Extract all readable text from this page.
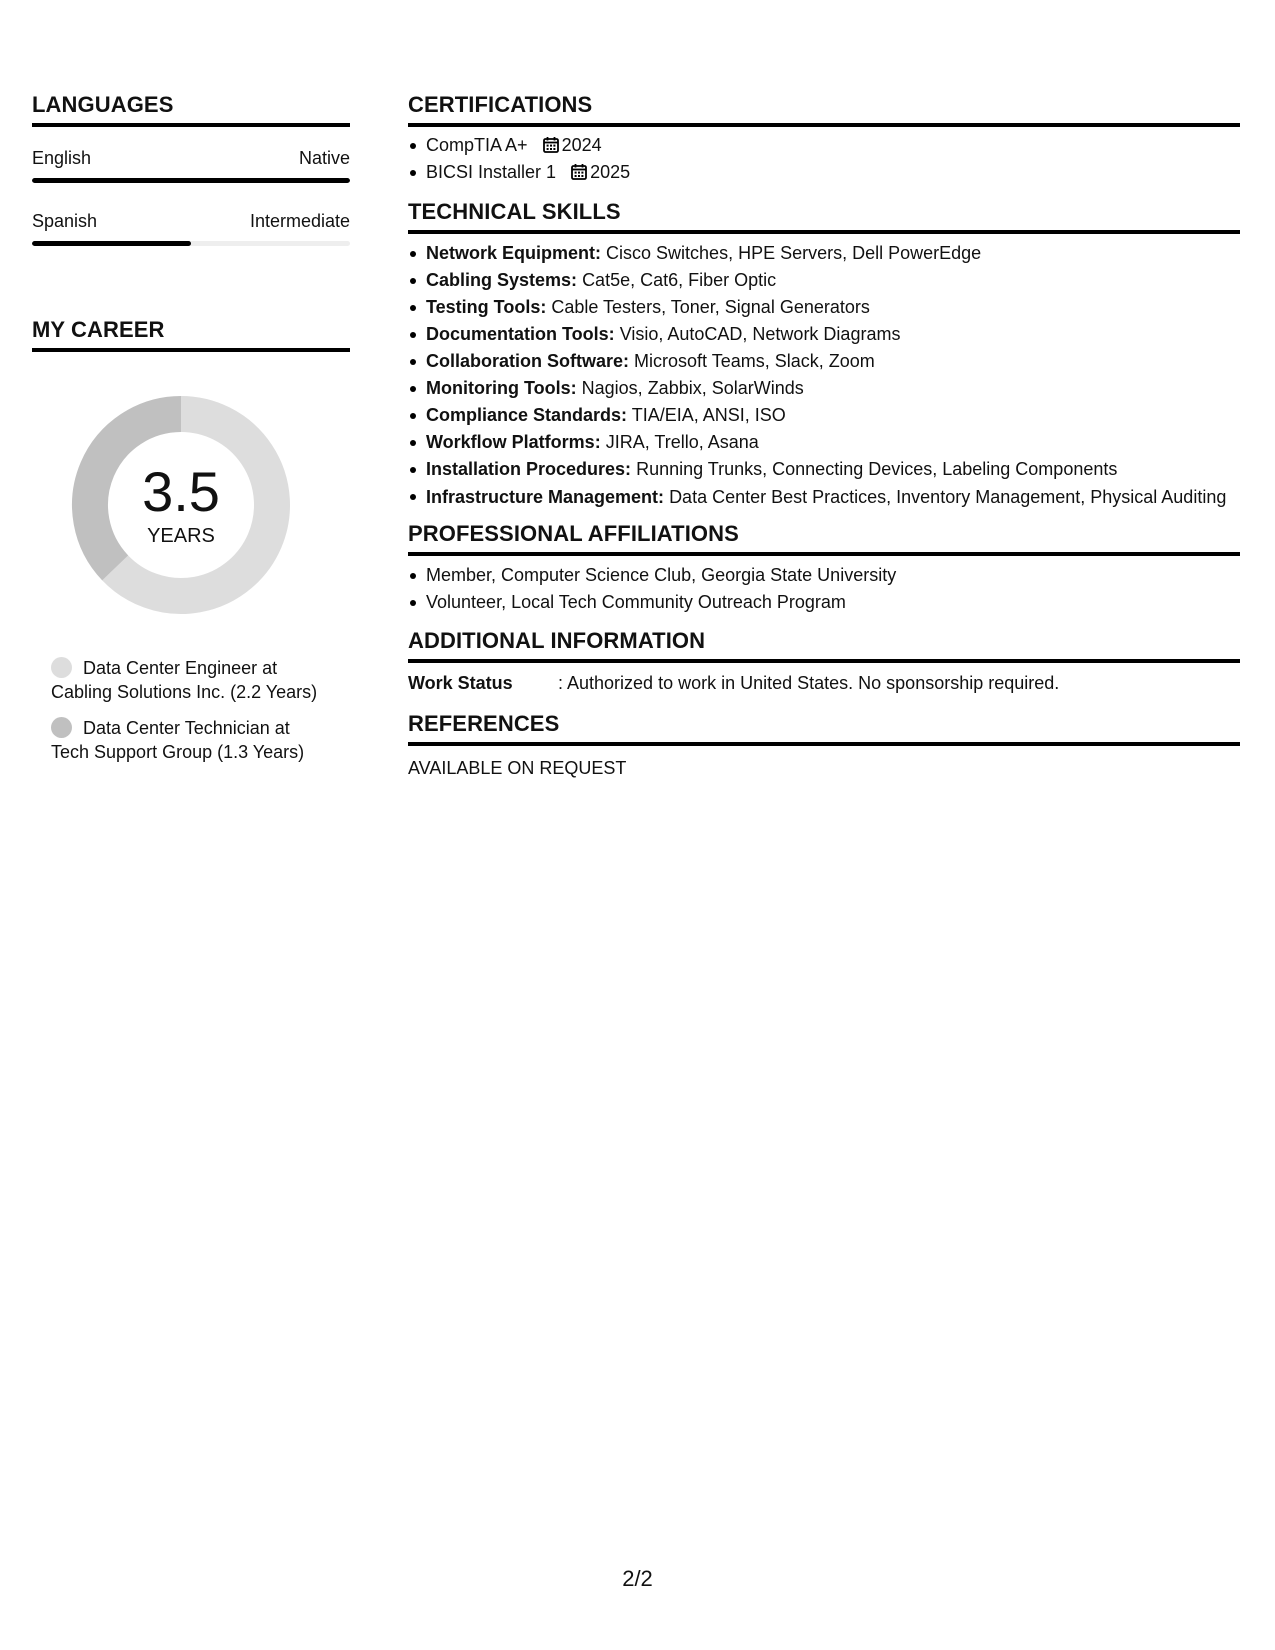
LANGUAGES
English	Native
Spanish	Intermediate
MY CAREER
3.5
YEARS
Data Center Engineer at Cabling Solutions Inc. (2.2 Years)
Data Center Technician at Tech Support Group (1.3 Years)
CERTIFICATIONS
CompTIA A+ 2024
BICSI Installer 1 2025
TECHNICAL SKILLS
Network Equipment: Cisco Switches, HPE Servers, Dell PowerEdge
Cabling Systems: Cat5e, Cat6, Fiber Optic
Testing Tools: Cable Testers, Toner, Signal Generators
Documentation Tools: Visio, AutoCAD, Network Diagrams
Collaboration Software: Microsoft Teams, Slack, Zoom
Monitoring Tools: Nagios, Zabbix, SolarWinds
Compliance Standards: TIA/EIA, ANSI, ISO
Workflow Platforms: JIRA, Trello, Asana
Installation Procedures: Running Trunks, Connecting Devices, Labeling Components
Infrastructure Management: Data Center Best Practices, Inventory Management, Physical Auditing
PROFESSIONAL AFFILIATIONS
Member, Computer Science Club, Georgia State University
Volunteer, Local Tech Community Outreach Program
ADDITIONAL INFORMATION
Work Status	: Authorized to work in United States. No sponsorship required.
REFERENCES
AVAILABLE ON REQUEST
2/2
